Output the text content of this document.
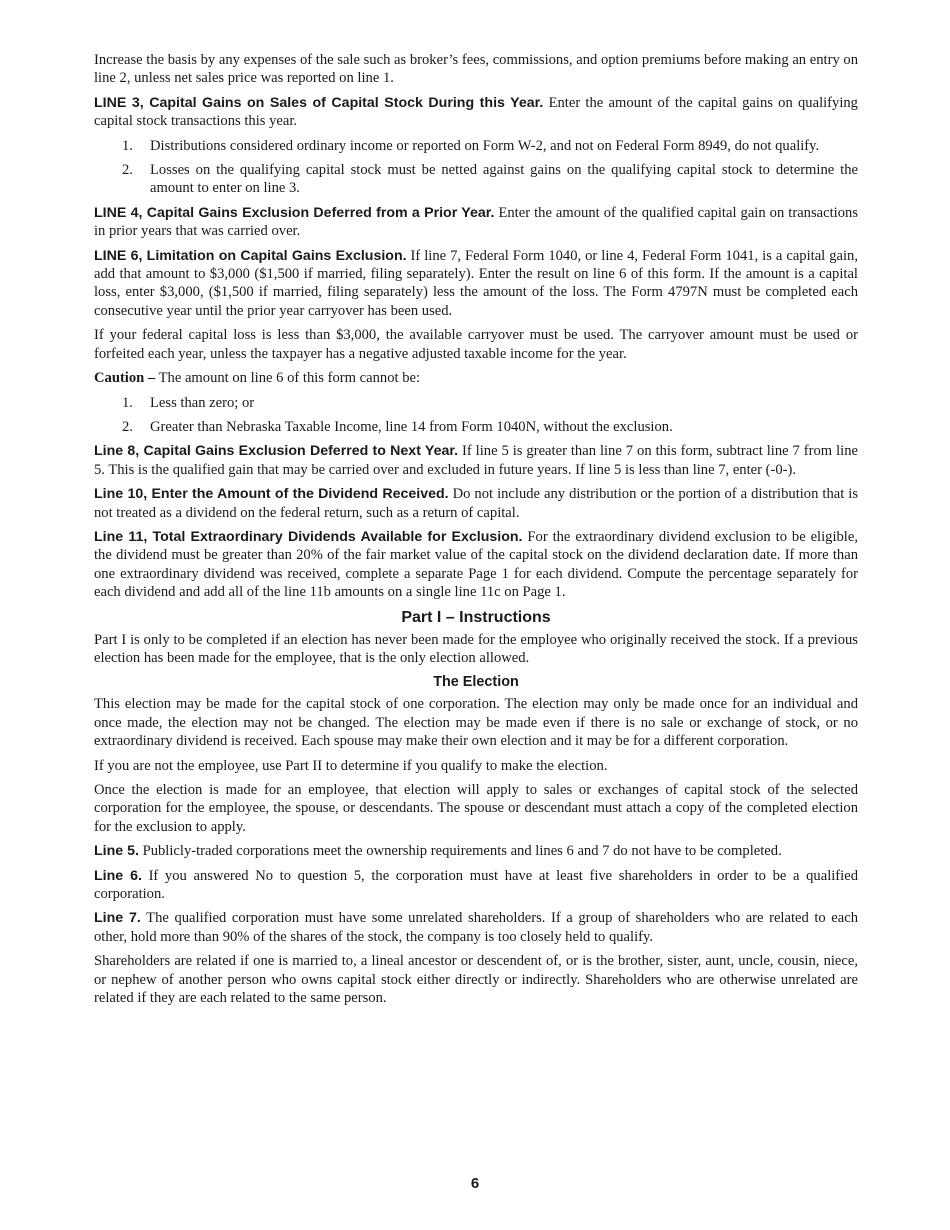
Increase the basis by any expenses of the sale such as broker’s fees, commissions, and option premiums before making an entry on line 2, unless net sales price was reported on line 1.

LINE 3, Capital Gains on Sales of Capital Stock During this Year. Enter the amount of the capital gains on qualifying capital stock transactions this year.

1.	Distributions considered ordinary income or reported on Form W-2, and not on Federal Form 8949, do not qualify.
2.	Losses on the qualifying capital stock must be netted against gains on the qualifying capital stock to determine the amount to enter on line 3.

LINE 4, Capital Gains Exclusion Deferred from a Prior Year. Enter the amount of the qualified capital gain on transactions in prior years that was carried over.

LINE 6, Limitation on Capital Gains Exclusion. If line 7, Federal Form 1040, or line 4, Federal Form 1041, is a capital gain, add that amount to $3,000 ($1,500 if married, filing separately). Enter the result on line 6 of this form. If the amount is a capital loss, enter $3,000, ($1,500 if married, filing separately) less the amount of the loss. The Form 4797N must be completed each consecutive year until the prior year carryover has been used.

If your federal capital loss is less than $3,000, the available carryover must be used. The carryover amount must be used or forfeited each year, unless the taxpayer has a negative adjusted taxable income for the year.

Caution – The amount on line 6 of this form cannot be:

1.	Less than zero; or
2.	Greater than Nebraska Taxable Income, line 14 from Form 1040N, without the exclusion.

Line 8, Capital Gains Exclusion Deferred to Next Year. If line 5 is greater than line 7 on this form, subtract line 7 from line 5. This is the qualified gain that may be carried over and excluded in future years. If line 5 is less than line 7, enter (-0-).

Line 10, Enter the Amount of the Dividend Received. Do not include any distribution or the portion of a distribution that is not treated as a dividend on the federal return, such as a return of capital.

Line 11, Total Extraordinary Dividends Available for Exclusion. For the extraordinary dividend exclusion to be eligible, the dividend must be greater than 20% of the fair market value of the capital stock on the dividend declaration date. If more than one extraordinary dividend was received, complete a separate Page 1 for each dividend. Compute the percentage separately for each dividend and add all of the line 11b amounts on a single line 11c on Page 1.

Part I – Instructions

Part I is only to be completed if an election has never been made for the employee who originally received the stock. If a previous election has been made for the employee, that is the only election allowed.

The Election

This election may be made for the capital stock of one corporation. The election may only be made once for an individual and once made, the election may not be changed. The election may be made even if there is no sale or exchange of stock, or no extraordinary dividend is received. Each spouse may make their own election and it may be for a different corporation.

If you are not the employee, use Part II to determine if you qualify to make the election.

Once the election is made for an employee, that election will apply to sales or exchanges of capital stock of the selected corporation for the employee, the spouse, or descendants. The spouse or descendant must attach a copy of the completed election for the exclusion to apply.

Line 5. Publicly-traded corporations meet the ownership requirements and lines 6 and 7 do not have to be completed.

Line 6. If you answered No to question 5, the corporation must have at least five shareholders in order to be a qualified corporation.

Line 7. The qualified corporation must have some unrelated shareholders. If a group of shareholders who are related to each other, hold more than 90% of the shares of the stock, the company is too closely held to qualify.

Shareholders are related if one is married to, a lineal ancestor or descendent of, or is the brother, sister, aunt, uncle, cousin, niece, or nephew of another person who owns capital stock either directly or indirectly. Shareholders who are otherwise unrelated are related if they are each related to the same person.

6
